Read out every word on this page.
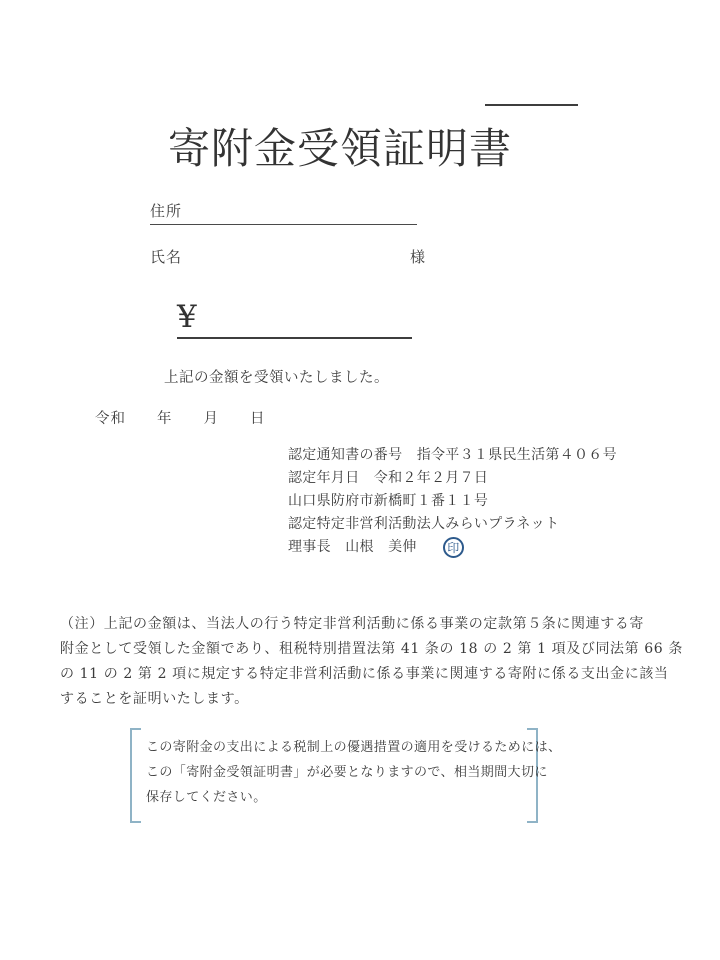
寄附金受領証明書
住所
氏名	様
¥
上記の金額を受領いたしました。
令和　　年　　月　　日
認定通知書の番号　指令平３１県民生活第４０６号
認定年月日　令和２年２月７日
山口県防府市新橋町１番１１号
認定特定非営利活動法人みらいプラネット
理事長　山根　美伸	印
（注）上記の金額は、当法人の行う特定非営利活動に係る事業の定款第５条に関連する寄
附金として受領した金額であり、租税特別措置法第 41 条の 18 の 2 第 1 項及び同法第 66 条
の 11 の 2 第 2 項に規定する特定非営利活動に係る事業に関連する寄附に係る支出金に該当
することを証明いたします。
この寄附金の支出による税制上の優遇措置の適用を受けるためには、
この「寄附金受領証明書」が必要となりますので、相当期間大切に
保存してください。
